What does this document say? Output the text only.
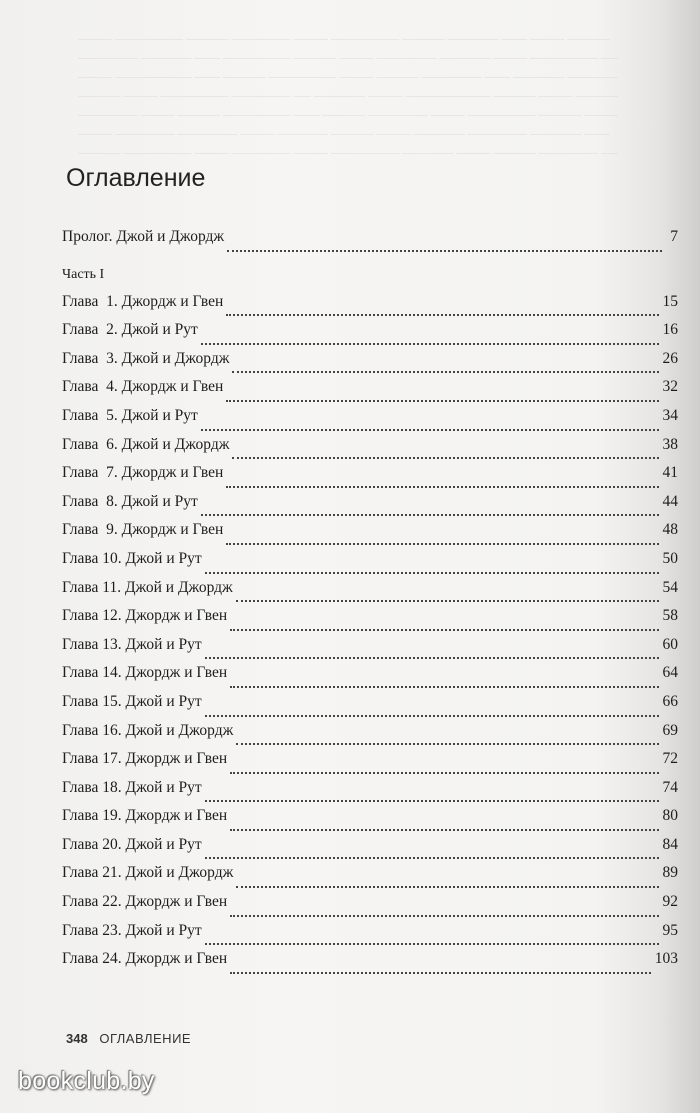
──── ──────── ───── ─────── ──── ──────── ───── ────── ─── ──── ─────
─────── ────── ─── ──────── ───── ──── ─────── ────── ──── ──────── ──
──── ───────── ─── ───── ──────── ──── ───── ─────── ─── ────── ──────
───── ──── ──────── ─────── ── ────── ──── ────────── ───── ──── ─────
─────── ──── ───── ──────── ─── ───── ─────── ──── ──────── ───── ────
──── ─────── ─────── ──── ────── ───── ──── ────── ─────── ────── ───
───── ──────── ──── ─────── ──── ──────── ────── ──── ───── ─────── ──
Оглавление
Пролог. Джой и Джордж	7
Часть I
Глава  1. Джордж и Гвен	15
Глава  2. Джой и Рут	16
Глава  3. Джой и Джордж	26
Глава  4. Джордж и Гвен	32
Глава  5. Джой и Рут	34
Глава  6. Джой и Джордж	38
Глава  7. Джордж и Гвен	41
Глава  8. Джой и Рут	44
Глава  9. Джордж и Гвен	48
Глава 10. Джой и Рут	50
Глава 11. Джой и Джордж	54
Глава 12. Джордж и Гвен	58
Глава 13. Джой и Рут	60
Глава 14. Джордж и Гвен	64
Глава 15. Джой и Рут	66
Глава 16. Джой и Джордж	69
Глава 17. Джордж и Гвен	72
Глава 18. Джой и Рут	74
Глава 19. Джордж и Гвен	80
Глава 20. Джой и Рут	84
Глава 21. Джой и Джордж	89
Глава 22. Джордж и Гвен	92
Глава 23. Джой и Рут	95
Глава 24. Джордж и Гвен	103
348 ОГЛАВЛЕНИЕ
bookclub.by
